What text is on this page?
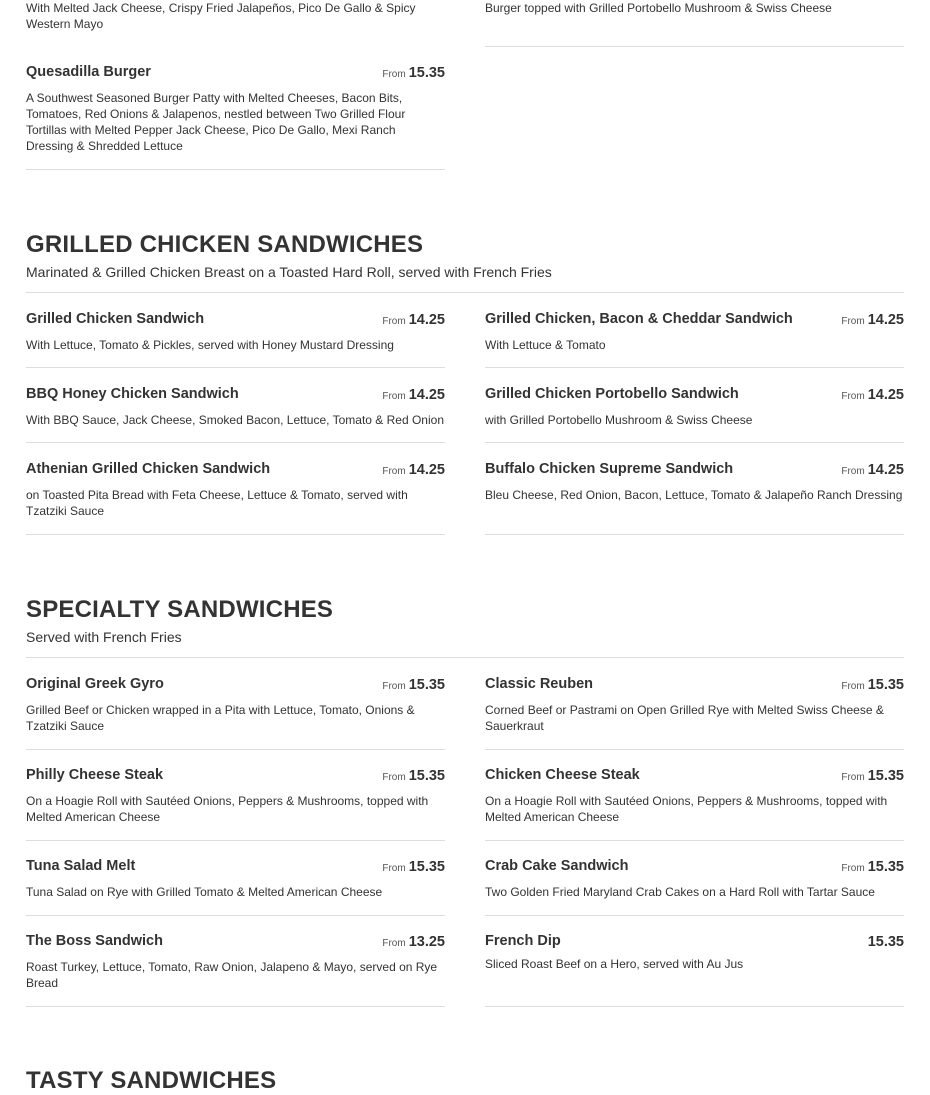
With Melted Jack Cheese, Crispy Fried Jalapeños, Pico De Gallo & Spicy Western Mayo
Burger topped with Grilled Portobello Mushroom & Swiss Cheese
Quesadilla Burger	From 15.35
A Southwest Seasoned Burger Patty with Melted Cheeses, Bacon Bits, Tomatoes, Red Onions & Jalapenos, nestled between Two Grilled Flour Tortillas with Melted Pepper Jack Cheese, Pico De Gallo, Mexi Ranch Dressing & Shredded Lettuce
GRILLED CHICKEN SANDWICHES

Marinated & Grilled Chicken Breast on a Toasted Hard Roll, served with French Fries

Grilled Chicken Sandwich	From 14.25
With Lettuce, Tomato & Pickles, served with Honey Mustard Dressing
Grilled Chicken, Bacon & Cheddar Sandwich	From 14.25
With Lettuce & Tomato
BBQ Honey Chicken Sandwich	From 14.25
With BBQ Sauce, Jack Cheese, Smoked Bacon, Lettuce, Tomato & Red Onion
Grilled Chicken Portobello Sandwich	From 14.25
with Grilled Portobello Mushroom & Swiss Cheese
Athenian Grilled Chicken Sandwich	From 14.25
on Toasted Pita Bread with Feta Cheese, Lettuce & Tomato, served with Tzatziki Sauce
Buffalo Chicken Supreme Sandwich	From 14.25
Bleu Cheese, Red Onion, Bacon, Lettuce, Tomato & Jalapeño Ranch Dressing
SPECIALTY SANDWICHES

Served with French Fries

Original Greek Gyro	From 15.35
Grilled Beef or Chicken wrapped in a Pita with Lettuce, Tomato, Onions & Tzatziki Sauce
Classic Reuben	From 15.35
Corned Beef or Pastrami on Open Grilled Rye with Melted Swiss Cheese & Sauerkraut
Philly Cheese Steak	From 15.35
On a Hoagie Roll with Sautéed Onions, Peppers & Mushrooms, topped with Melted American Cheese
Chicken Cheese Steak	From 15.35
On a Hoagie Roll with Sautéed Onions, Peppers & Mushrooms, topped with Melted American Cheese
Tuna Salad Melt	From 15.35
Tuna Salad on Rye with Grilled Tomato & Melted American Cheese
Crab Cake Sandwich	From 15.35
Two Golden Fried Maryland Crab Cakes on a Hard Roll with Tartar Sauce
The Boss Sandwich	From 13.25
Roast Turkey, Lettuce, Tomato, Raw Onion, Jalapeno & Mayo, served on Rye Bread
French Dip	15.35
Sliced Roast Beef on a Hero, served with Au Jus
TASTY SANDWICHES
